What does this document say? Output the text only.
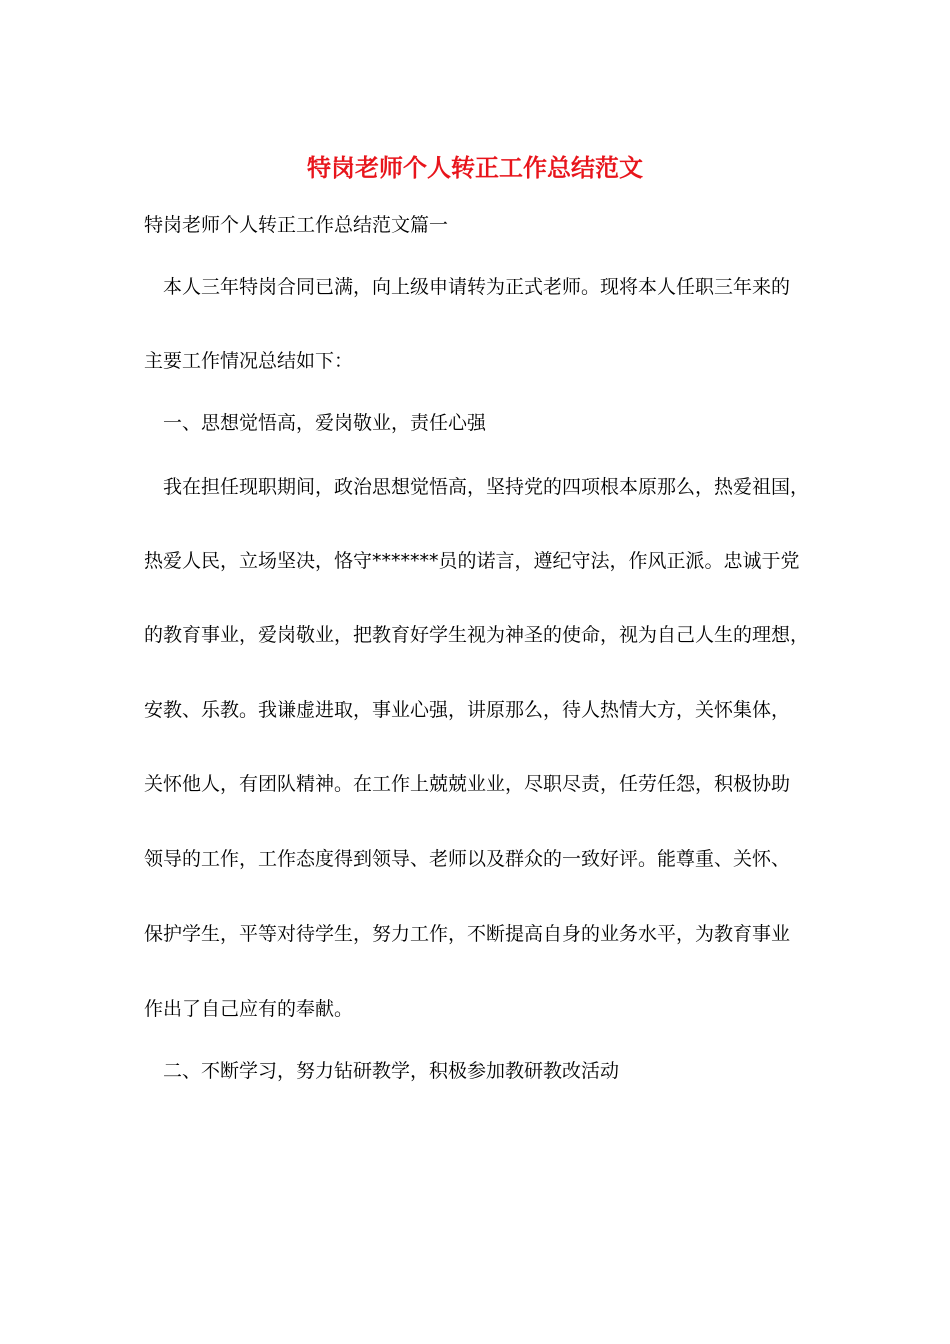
特岗老师个人转正工作总结范文
特岗老师个人转正工作总结范文篇一
本人三年特岗合同已满，向上级申请转为正式老师。现将本人任职三年来的
主要工作情况总结如下：
一、思想觉悟高，爱岗敬业，责任心强
我在担任现职期间，政治思想觉悟高，坚持党的四项根本原那么，热爱祖国，
热爱人民，立场坚决，恪守*******员的诺言，遵纪守法，作风正派。忠诚于党
的教育事业，爱岗敬业，把教育好学生视为神圣的使命，视为自己人生的理想，
安教、乐教。我谦虚进取，事业心强，讲原那么，待人热情大方，关怀集体，
关怀他人，有团队精神。在工作上兢兢业业，尽职尽责，任劳任怨，积极协助
领导的工作，工作态度得到领导、老师以及群众的一致好评。能尊重、关怀、
保护学生，平等对待学生，努力工作，不断提高自身的业务水平，为教育事业
作出了自己应有的奉献。
二、不断学习，努力钻研教学，积极参加教研教改活动
